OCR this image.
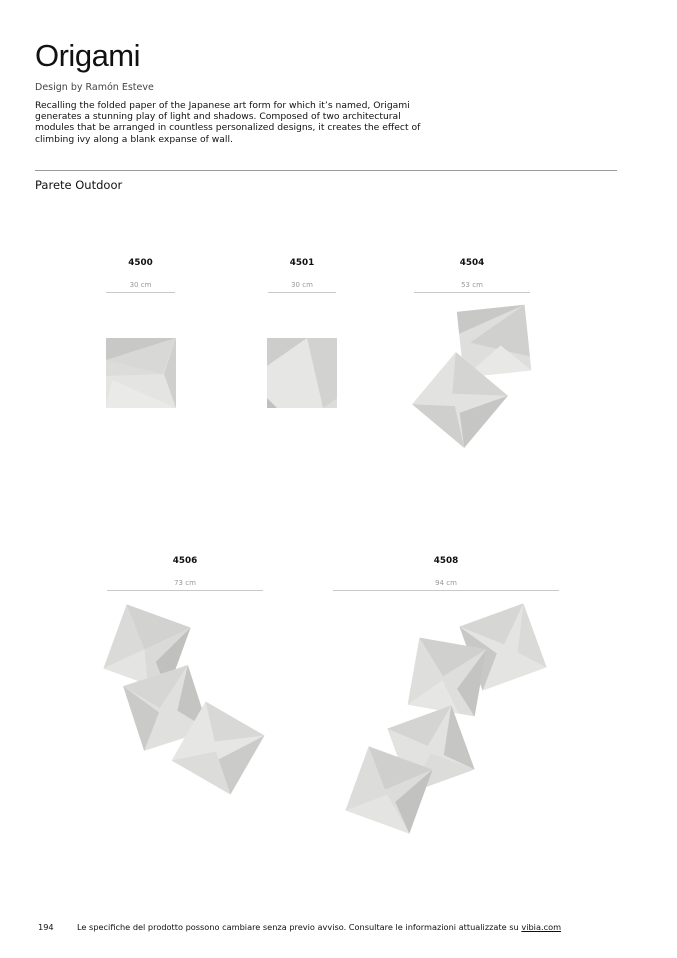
Origami
Design by Ramón Esteve

Recalling the folded paper of the Japanese art form for which it’s named, Origami generates a stunning play of light and shadows. Composed of two architectural modules that be arranged in countless personalized designs, it creates the effect of climbing ivy along a blank expanse of wall.

Parete Outdoor
4500
30 cm
4501
30 cm
4504
53 cm
4506
73 cm
4508
94 cm
194	Le specifiche del prodotto possono cambiare senza previo avviso. Consultare le informazioni attualizzate su vibia.com
